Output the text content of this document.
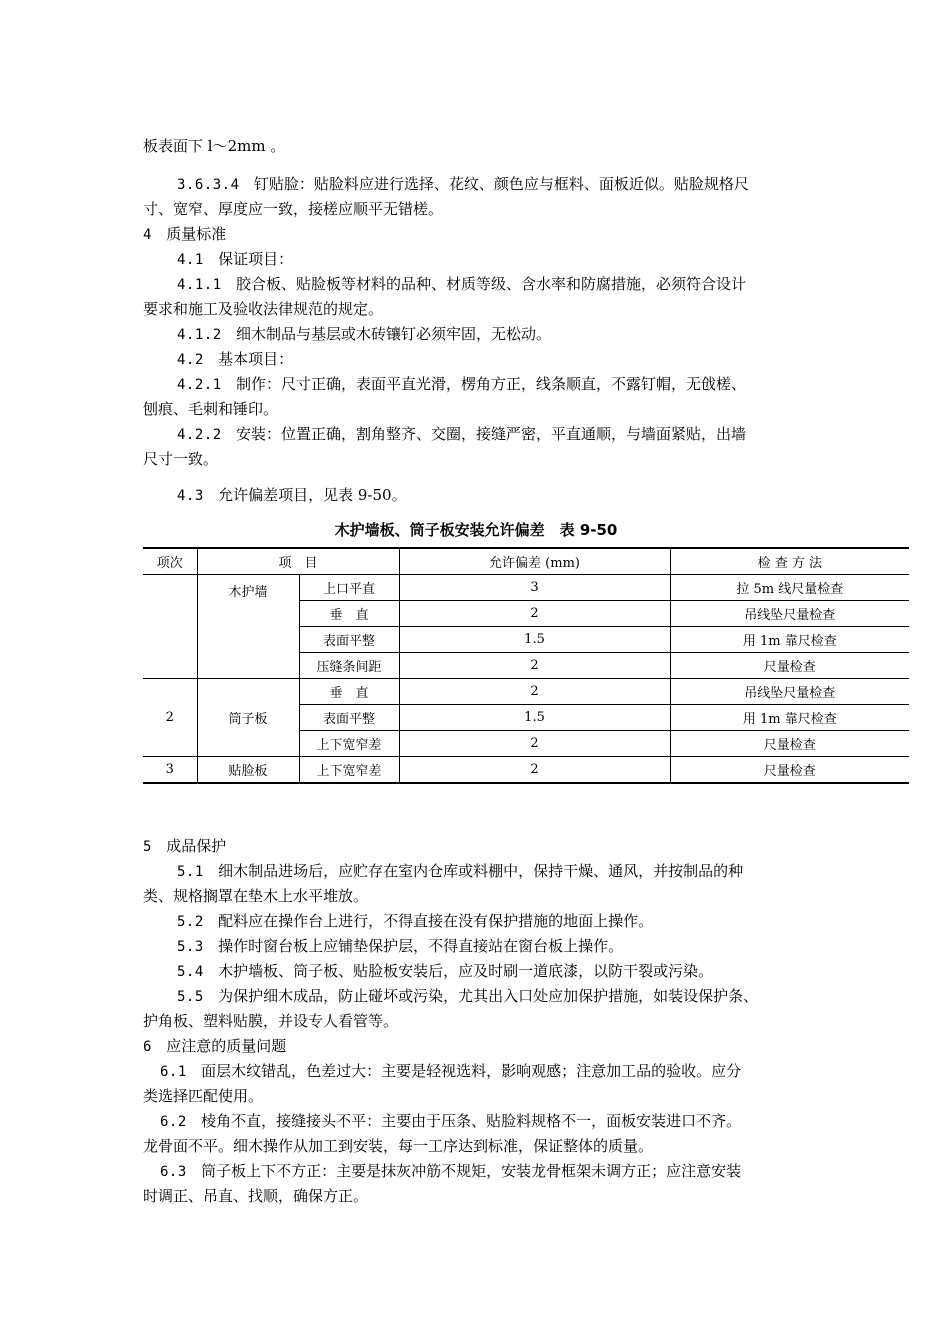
板表面下 l～2mm 。
3.6.3.4 钉贴脸：贴脸料应进行选择、花纹、颜色应与框料、面板近似。贴脸规格尺
寸、宽窄、厚度应一致，接槎应顺平无错槎。
4 质量标准
4.1 保证项目：
4.1.1 胶合板、贴脸板等材料的品种、材质等级、含水率和防腐措施，必须符合设计
要求和施工及验收法律规范的规定。
4.1.2 细木制品与基层或木砖镶钉必须牢固，无松动。
4.2 基本项目：
4.2.1 制作：尺寸正确，表面平直光滑，楞角方正，线条顺直，不露钉帽，无戗槎、
刨痕、毛刺和锤印。
4.2.2 安装：位置正确，割角整齐、交圈，接缝严密，平直通顺，与墙面紧贴，出墙
尺寸一致。
4.3 允许偏差项目，见表 9-50。
木护墙板、筒子板安装允许偏差　表 9-50
项次	项　目		允许偏差 (mm)	检 查 方 法
	木护墙	上口平直	3	拉 5m 线尺量检查
		垂　直	2	吊线坠尺量检查
		表面平整	1.5	用 1m 靠尺检查
		压缝条间距	2	尺量检查
2	筒子板	垂　直	2	吊线坠尺量检查
		表面平整	1.5	用 1m 靠尺检查
		上下宽窄差	2	尺量检查
3	贴脸板	上下宽窄差	2	尺量检查
5 成品保护
5.1 细木制品进场后，应贮存在室内仓库或料棚中，保持干燥、通风，并按制品的种
类、规格搁罩在垫木上水平堆放。
5.2 配料应在操作台上进行，不得直接在没有保护措施的地面上操作。
5.3 操作时窗台板上应铺垫保护层，不得直接站在窗台板上操作。
5.4 木护墙板、筒子板、贴脸板安装后，应及时刷一道底漆，以防干裂或污染。
5.5 为保护细木成品，防止碰坏或污染，尤其出入口处应加保护措施，如装设保护条、
护角板、塑料贴膜，并设专人看管等。
6 应注意的质量问题
6.1 面层木纹错乱，色差过大：主要是轻视选料，影响观感；注意加工品的验收。应分
类选择匹配使用。
6.2 棱角不直，接缝接头不平：主要由于压条、贴脸料规格不一，面板安装进口不齐。
龙骨面不平。细木操作从加工到安装，每一工序达到标准，保证整体的质量。
6.3 筒子板上下不方正：主要是抹灰冲筋不规矩，安装龙骨框架未调方正；应注意安装
时调正、吊直、找顺，确保方正。
